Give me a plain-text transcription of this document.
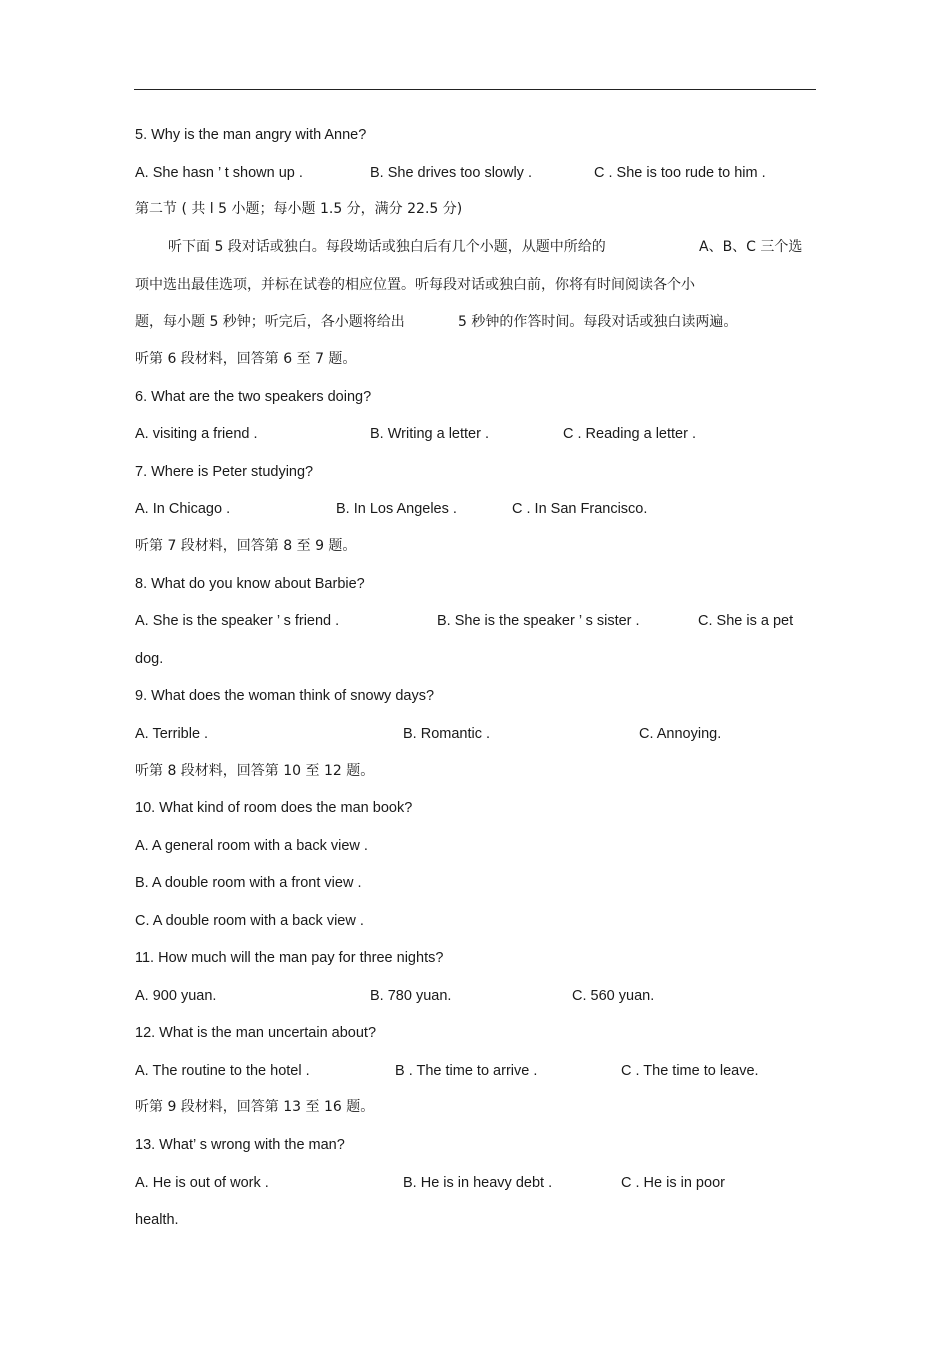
5. Why is the man angry with Anne?
A. She hasn ’ t shown up .	B. She drives too slowly .	C . She is too rude to him .
第二节 ( 共 l 5 小题；每小题 1.5 分，满分 22.5 分)
听下面 5 段对话或独白。每段坳话或独白后有几个小题，从题中所给的	A、B、C 三个选
项中选出最佳选项，并标在试卷的相应位置。听每段对话或独白前，你将有时间阅读各个小
题，每小题 5 秒钟；听完后，各小题将给出	5 秒钟的作答时间。每段对话或独白读两遍。
听第 6 段材料，回答第 6 至 7 题。
6. What are the two speakers doing?
A. visiting a friend .	B. Writing a letter .	C . Reading a letter .
7. Where is Peter studying?
A. In Chicago .	B. In Los Angeles .	C . In San Francisco.
听第 7 段材料，回答第 8 至 9 题。
8. What do you know about Barbie?
A. She is the speaker ’ s friend .	B. She is the speaker ’ s sister .	C. She is a pet
dog.
9. What does the woman think of snowy days?
A. Terrible .	B. Romantic .	C. Annoying.
听第 8 段材料，回答第 10 至 12 题。
10. What kind of room does the man book?
A. A general room with a back view .
B. A double room with a front view .
C. A double room with a back view .
11. How much will the man pay for three nights?
A. 900 yuan.	B. 780 yuan.	C. 560 yuan.
12. What is the man uncertain about?
A. The routine to the hotel .	B . The time to arrive .	C . The time to leave.
听第 9 段材料，回答第 13 至 16 题。
13. What’ s wrong with the man?
A. He is out of work .	B. He is in heavy debt .	C . He is in poor
health.
